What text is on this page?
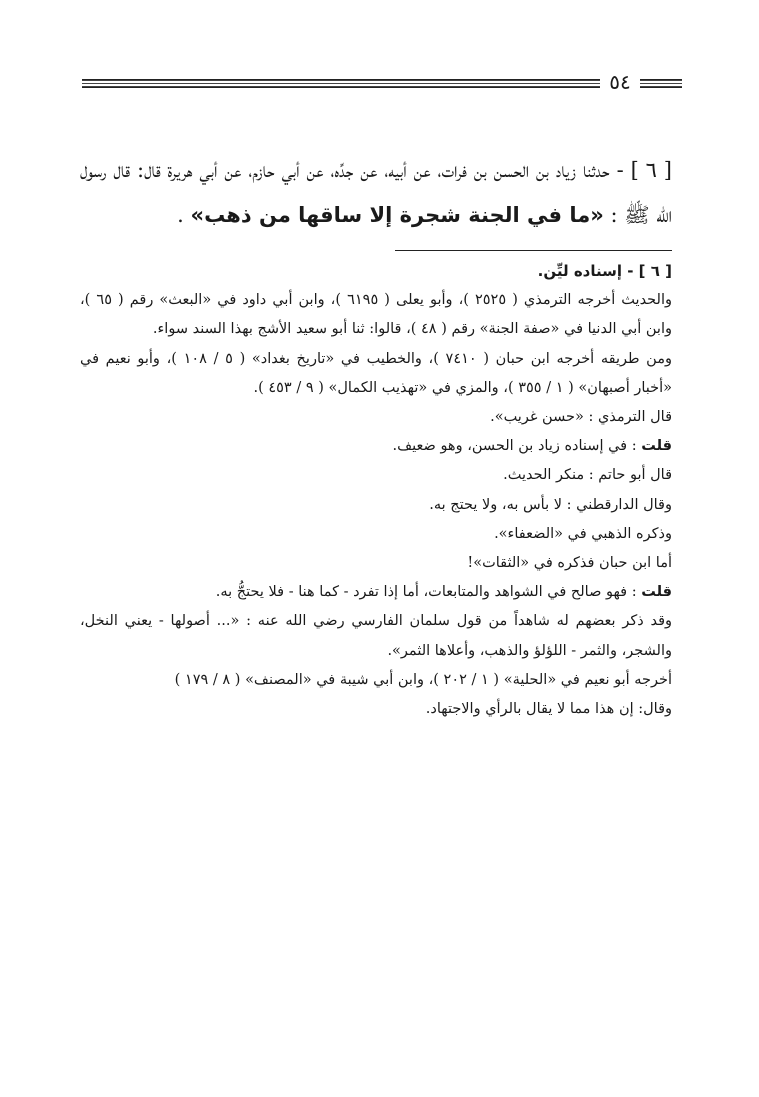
٥٤

[ ٦ ] - حدثنا زياد بن الحسن بن فرات، عن أبيه، عن جدِّه، عن أبي حازم، عن أبي هريرة قال: قال رسول الله ﷺ : «ما في الجنة شجرة إلا ساقها من ذهب» .

[ ٦ ] - إسناده ليِّن.

والحديث أخرجه الترمذي ( ٢٥٢٥ )، وأبو يعلى ( ٦١٩٥ )، وابن أبي داود في «البعث» رقم ( ٦٥ )، وابن أبي الدنيا في «صفة الجنة» رقم ( ٤٨ )، قالوا: ثنا أبو سعيد الأشج بهذا السند سواء.

ومن طريقه أخرجه ابن حبان ( ٧٤١٠ )، والخطيب في «تاريخ بغداد» ( ٥ / ١٠٨ )، وأبو نعيم في «أخبار أصبهان» ( ١ / ٣٥٥ )، والمزي في «تهذيب الكمال» ( ٩ / ٤٥٣ ).

قال الترمذي : «حسن غريب».

قلت : في إسناده زياد بن الحسن، وهو ضعيف.

قال أبو حاتم : منكر الحديث.

وقال الدارقطني : لا بأس به، ولا يحتج به.

وذكره الذهبي في «الضعفاء».

أما ابن حبان فذكره في «الثقات»!

قلت : فهو صالح في الشواهد والمتابعات، أما إذا تفرد - كما هنا - فلا يحتجُّ به.

وقد ذكر بعضهم له شاهداً من قول سلمان الفارسي رضي الله عنه : «... أصولها - يعني النخل، والشجر، والثمر - اللؤلؤ والذهب، وأعلاها الثمر».

أخرجه أبو نعيم في «الحلية» ( ١ / ٢٠٢ )، وابن أبي شيبة في «المصنف» ( ٨ / ١٧٩ )

وقال: إن هذا مما لا يقال بالرأي والاجتهاد.
